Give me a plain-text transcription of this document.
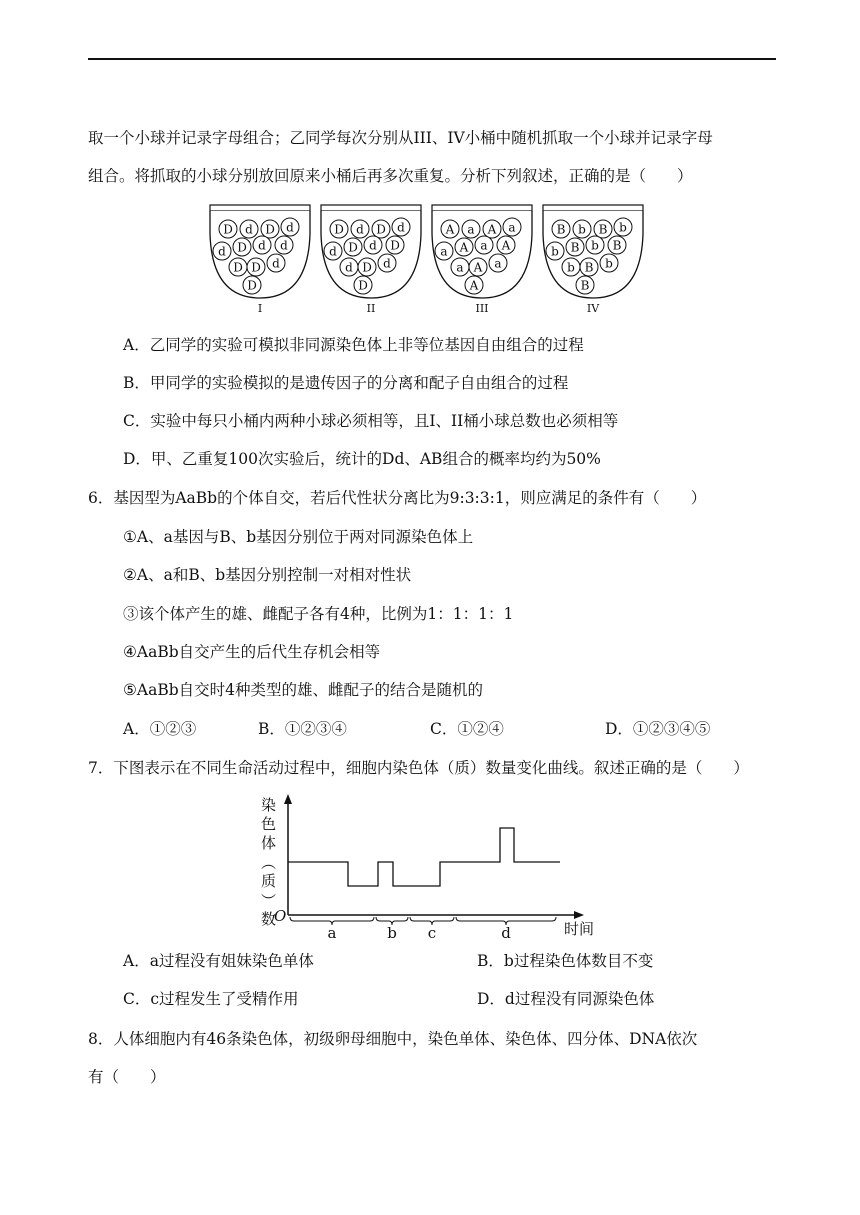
取一个小球并记录字母组合；乙同学每次分别从III、IV小桶中随机抓取一个小球并记录字母
组合。将抓取的小球分别放回原来小桶后再多次重复。分析下列叙述，正确的是（　　）
D d D d
d D d d
D D d
D
I
D d D d
d D d D
d D d
D
II
A a A a
a A a A
a A a
A
III
B b B b
b B b B
b B b
B
IV
A．乙同学的实验可模拟非同源染色体上非等位基因自由组合的过程
B．甲同学的实验模拟的是遗传因子的分离和配子自由组合的过程
C．实验中每只小桶内两种小球必须相等，且I、II桶小球总数也必须相等
D．甲、乙重复100次实验后，统计的Dd、AB组合的概率均约为50%
6．基因型为AaBb的个体自交，若后代性状分离比为9:3:3:1，则应满足的条件有（　　）
①A、a基因与B、b基因分别位于两对同源染色体上
②A、a和B、b基因分别控制一对相对性状
③该个体产生的雄、雌配子各有4种，比例为1：1：1：1
④AaBb自交产生的后代生存机会相等
⑤AaBb自交时4种类型的雄、雌配子的结合是随机的
A．①②③	B．①②③④	C．①②④	D．①②③④⑤
7．下图表示在不同生命活动过程中，细胞内染色体（质）数量变化曲线。叙述正确的是（　　）
染
色
体
（
质
）
数
O
时间
a	b c	d
A．a过程没有姐妹染色单体	B．b过程染色体数目不变
C．c过程发生了受精作用	D．d过程没有同源染色体
8．人体细胞内有46条染色体，初级卵母细胞中，染色单体、染色体、四分体、DNA依次
有（　　）
